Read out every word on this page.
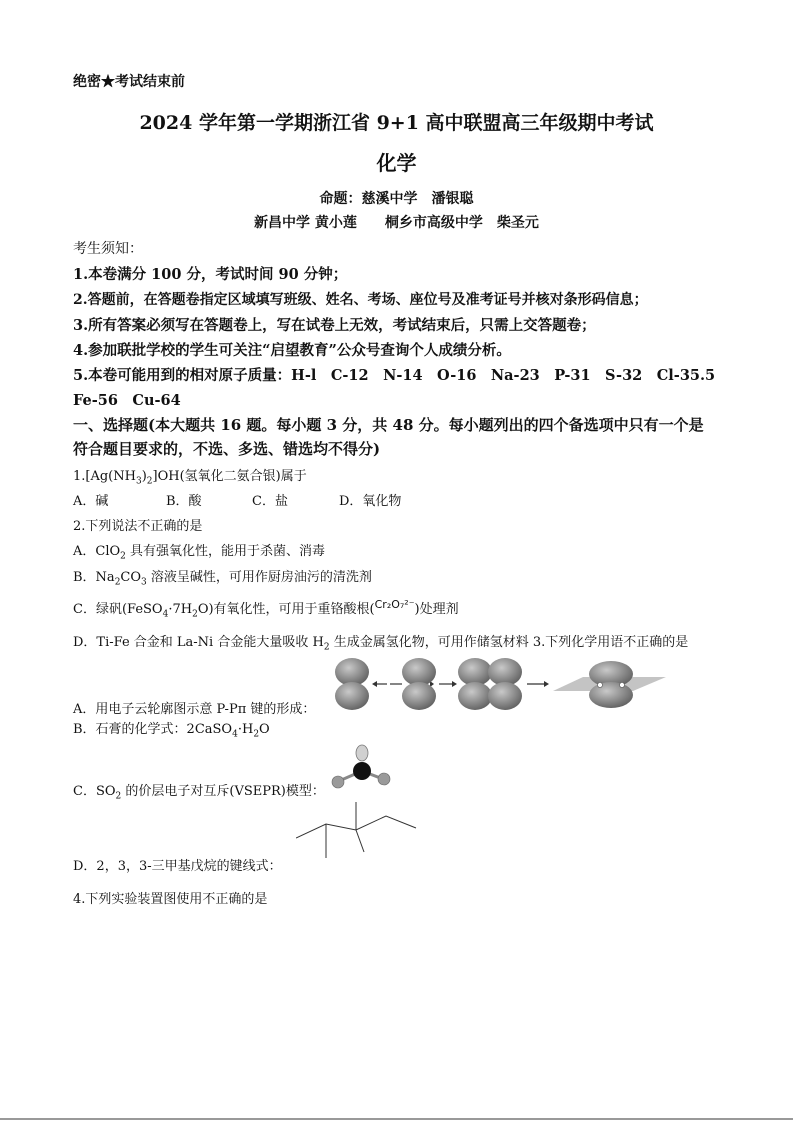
绝密★考试结束前
2024 学年第一学期浙江省 9+1 高中联盟高三年级期中考试
化学
命题：慈溪中学　潘银聪
新昌中学 黄小莲　　桐乡市高级中学　柴圣元
考生须知：
1.本卷满分 100 分，考试时间 90 分钟；
2.答题前，在答题卷指定区域填写班级、姓名、考场、座位号及准考证号并核对条形码信息；
3.所有答案必须写在答题卷上，写在试卷上无效，考试结束后，只需上交答题卷；
4.参加联批学校的学生可关注“启望教育”公众号查询个人成绩分析。
5.本卷可能用到的相对原子质量：H-l　C-12　N-14　O-16　Na-23　P-31　S-32　Cl-35.5
Fe-56　Cu-64
一、选择题(本大题共 16 题。每小题 3 分，共 48 分。每小题列出的四个备选项中只有一个是
符合题目要求的，不选、多选、错选均不得分)
$1.[Ag(NH_3)_2]OH$(氢氧化二氨合银)属于
A．碱	B．酸	C．盐	D．氧化物
2.下列说法不正确的是
A．ClO$_2$ 具有强氧化性，能用于杀菌、消毒
B．$Na_2CO_3$ 溶液呈碱性，可用作厨房油污的清洗剂
C．绿矾$(FeSO_4\cdot 7H_2O)$有氧化性，可用于重铬酸根($^{Cr_2O_7^{2-}}$)处理剂
D．Ti-Fe 合金和 La-Ni 合金能大量吸收 $H_2$ 生成金属氢化物，可用作储氢材料 3.下列化学用语不正确的是
A．用电子云轮廓图示意 P-Pπ 键的形成：
B．石膏的化学式：$2CaSO_4\cdot H_2O$
C．$SO_2$ 的价层电子对互斥(VSEPR)模型：
D．2，3，3-三甲基戊烷的键线式：
4.下列实验装置图使用不正确的是
